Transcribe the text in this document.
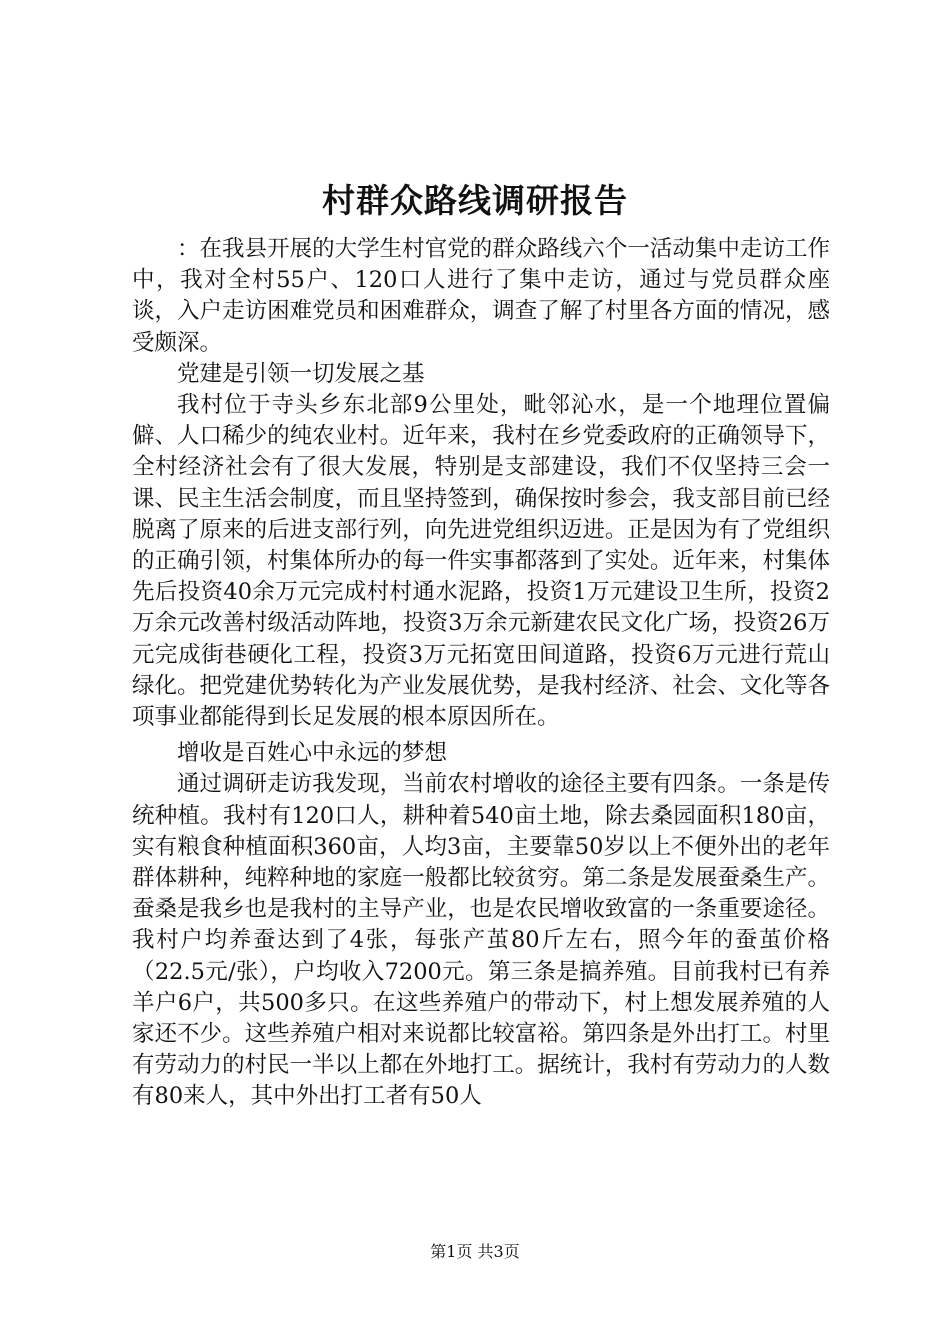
村群众路线调研报告

：在我县开展的大学生村官党的群众路线六个一活动集中走访工作中，我对全村55户、120口人进行了集中走访，通过与党员群众座谈，入户走访困难党员和困难群众，调查了解了村里各方面的情况，感受颇深。

党建是引领一切发展之基

我村位于寺头乡东北部9公里处，毗邻沁水，是一个地理位置偏僻、人口稀少的纯农业村。近年来，我村在乡党委政府的正确领导下，全村经济社会有了很大发展，特别是支部建设，我们不仅坚持三会一课、民主生活会制度，而且坚持签到，确保按时参会，我支部目前已经脱离了原来的后进支部行列，向先进党组织迈进。正是因为有了党组织的正确引领，村集体所办的每一件实事都落到了实处。近年来，村集体先后投资40余万元完成村村通水泥路，投资1万元建设卫生所，投资2万余元改善村级活动阵地，投资3万余元新建农民文化广场，投资26万元完成街巷硬化工程，投资3万元拓宽田间道路，投资6万元进行荒山绿化。把党建优势转化为产业发展优势，是我村经济、社会、文化等各项事业都能得到长足发展的根本原因所在。

增收是百姓心中永远的梦想

通过调研走访我发现，当前农村增收的途径主要有四条。一条是传统种植。我村有120口人，耕种着540亩土地，除去桑园面积180亩，实有粮食种植面积360亩，人均3亩，主要靠50岁以上不便外出的老年群体耕种，纯粹种地的家庭一般都比较贫穷。第二条是发展蚕桑生产。蚕桑是我乡也是我村的主导产业，也是农民增收致富的一条重要途径。我村户均养蚕达到了4张，每张产茧80斤左右，照今年的蚕茧价格（22.5元/张），户均收入7200元。第三条是搞养殖。目前我村已有养羊户6户，共500多只。在这些养殖户的带动下，村上想发展养殖的人家还不少。这些养殖户相对来说都比较富裕。第四条是外出打工。村里有劳动力的村民一半以上都在外地打工。据统计，我村有劳动力的人数有80来人，其中外出打工者有50人

第1页 共3页
